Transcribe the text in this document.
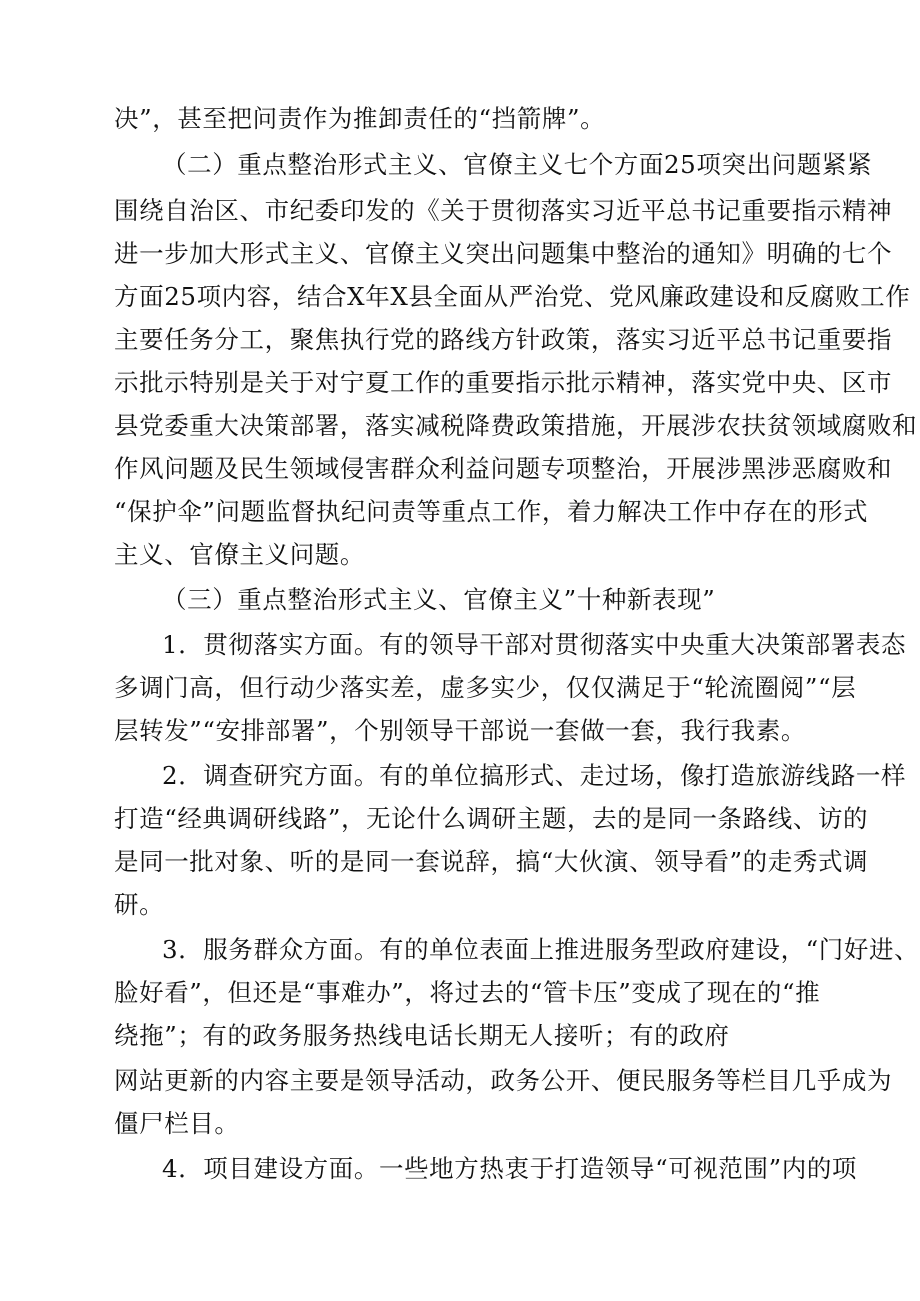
决”，甚至把问责作为推卸责任的“挡箭牌”。
（二）重点整治形式主义、官僚主义七个方面25项突出问题紧紧
围绕自治区、市纪委印发的《关于贯彻落实习近平总书记重要指示精神
进一步加大形式主义、官僚主义突出问题集中整治的通知》明确的七个
方面25项内容，结合X年X县全面从严治党、党风廉政建设和反腐败工作
主要任务分工，聚焦执行党的路线方针政策，落实习近平总书记重要指
示批示特别是关于对宁夏工作的重要指示批示精神，落实党中央、区市
县党委重大决策部署，落实减税降费政策措施，开展涉农扶贫领域腐败和
作风问题及民生领域侵害群众利益问题专项整治，开展涉黑涉恶腐败和
“保护伞”问题监督执纪问责等重点工作，着力解决工作中存在的形式
主义、官僚主义问题。
（三）重点整治形式主义、官僚主义”十种新表现”
1．贯彻落实方面。有的领导干部对贯彻落实中央重大决策部署表态
多调门高，但行动少落实差，虚多实少，仅仅满足于“轮流圈阅”“层
层转发”“安排部署”，个别领导干部说一套做一套，我行我素。
2．调查研究方面。有的单位搞形式、走过场，像打造旅游线路一样
打造“经典调研线路”，无论什么调研主题，去的是同一条路线、访的
是同一批对象、听的是同一套说辞，搞“大伙演、领导看”的走秀式调
研。
3．服务群众方面。有的单位表面上推进服务型政府建设，“门好进、
脸好看”，但还是“事难办”，将过去的“管卡压”变成了现在的“推
绕拖”；有的政务服务热线电话长期无人接听；有的政府
网站更新的内容主要是领导活动，政务公开、便民服务等栏目几乎成为
僵尸栏目。
4．项目建设方面。一些地方热衷于打造领导“可视范围”内的项
